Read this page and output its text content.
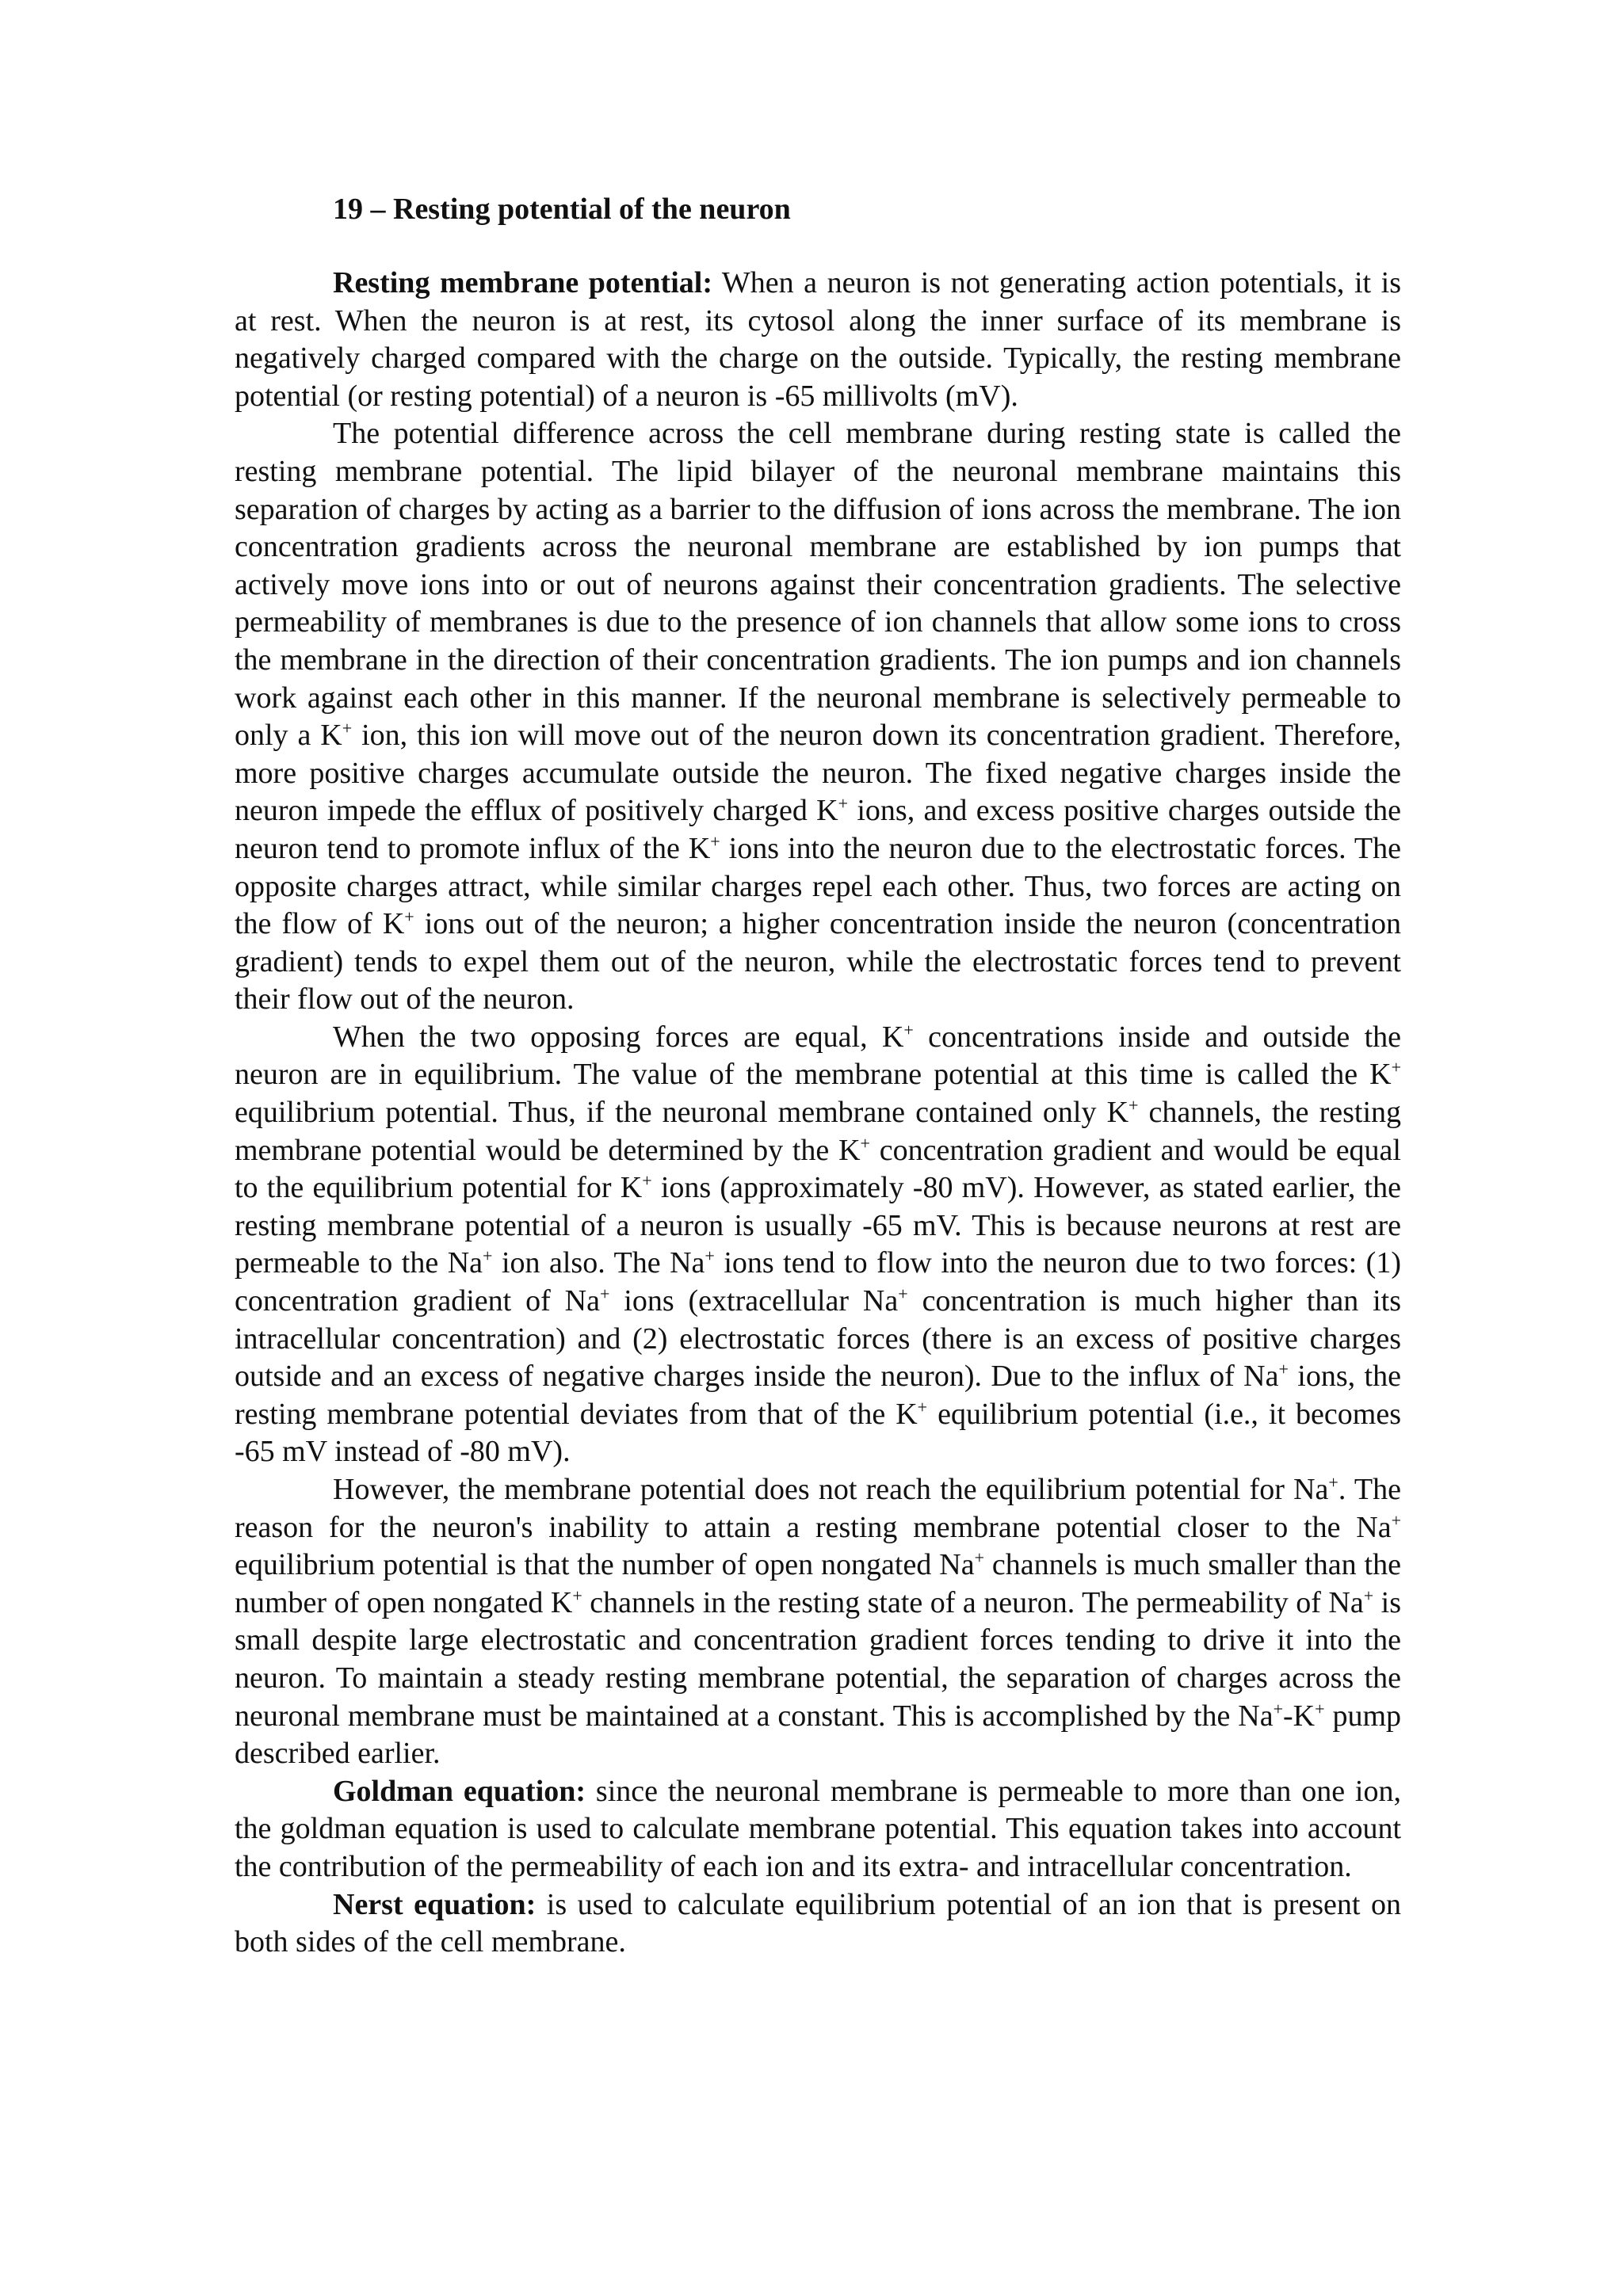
19 – Resting potential of the neuron

Resting membrane potential: When a neuron is not generating action potentials, it is at rest. When the neuron is at rest, its cytosol along the inner surface of its membrane is negatively charged compared with the charge on the outside. Typically, the resting membrane potential (or resting potential) of a neuron is -65 millivolts (mV).

The potential difference across the cell membrane during resting state is called the resting membrane potential. The lipid bilayer of the neuronal membrane maintains this separation of charges by acting as a barrier to the diffusion of ions across the membrane. The ion concentration gradients across the neuronal membrane are established by ion pumps that actively move ions into or out of neurons against their concentration gradients. The selective permeability of membranes is due to the presence of ion channels that allow some ions to cross the membrane in the direction of their concentration gradients. The ion pumps and ion channels work against each other in this manner. If the neuronal membrane is selectively permeable to only a K+ ion, this ion will move out of the neuron down its concentration gradient. Therefore, more positive charges accumulate outside the neuron. The fixed negative charges inside the neuron impede the efflux of positively charged K+ ions, and excess positive charges outside the neuron tend to promote influx of the K+ ions into the neuron due to the electrostatic forces. The opposite charges attract, while similar charges repel each other. Thus, two forces are acting on the flow of K+ ions out of the neuron; a higher concentration inside the neuron (concentration gradient) tends to expel them out of the neuron, while the electrostatic forces tend to prevent their flow out of the neuron.

When the two opposing forces are equal, K+ concentrations inside and outside the neuron are in equilibrium. The value of the membrane potential at this time is called the K+ equilibrium potential. Thus, if the neuronal membrane contained only K+ channels, the resting membrane potential would be determined by the K+ concentration gradient and would be equal to the equilibrium potential for K+ ions (approximately -80 mV). However, as stated earlier, the resting membrane potential of a neuron is usually -65 mV. This is because neurons at rest are permeable to the Na+ ion also. The Na+ ions tend to flow into the neuron due to two forces: (1) concentration gradient of Na+ ions (extracellular Na+ concentration is much higher than its intracellular concentration) and (2) electrostatic forces (there is an excess of positive charges outside and an excess of negative charges inside the neuron). Due to the influx of Na+ ions, the resting membrane potential deviates from that of the K+ equilibrium potential (i.e., it becomes -65 mV instead of -80 mV).

However, the membrane potential does not reach the equilibrium potential for Na+. The reason for the neuron's inability to attain a resting membrane potential closer to the Na+ equilibrium potential is that the number of open nongated Na+ channels is much smaller than the number of open nongated K+ channels in the resting state of a neuron. The permeability of Na+ is small despite large electrostatic and concentration gradient forces tending to drive it into the neuron. To maintain a steady resting membrane potential, the separation of charges across the neuronal membrane must be maintained at a constant. This is accomplished by the Na+-K+ pump described earlier.

Goldman equation: since the neuronal membrane is permeable to more than one ion, the goldman equation is used to calculate membrane potential. This equation takes into account the contribution of the permeability of each ion and its extra- and intracellular concentration.

Nerst equation: is used to calculate equilibrium potential of an ion that is present on both sides of the cell membrane.
